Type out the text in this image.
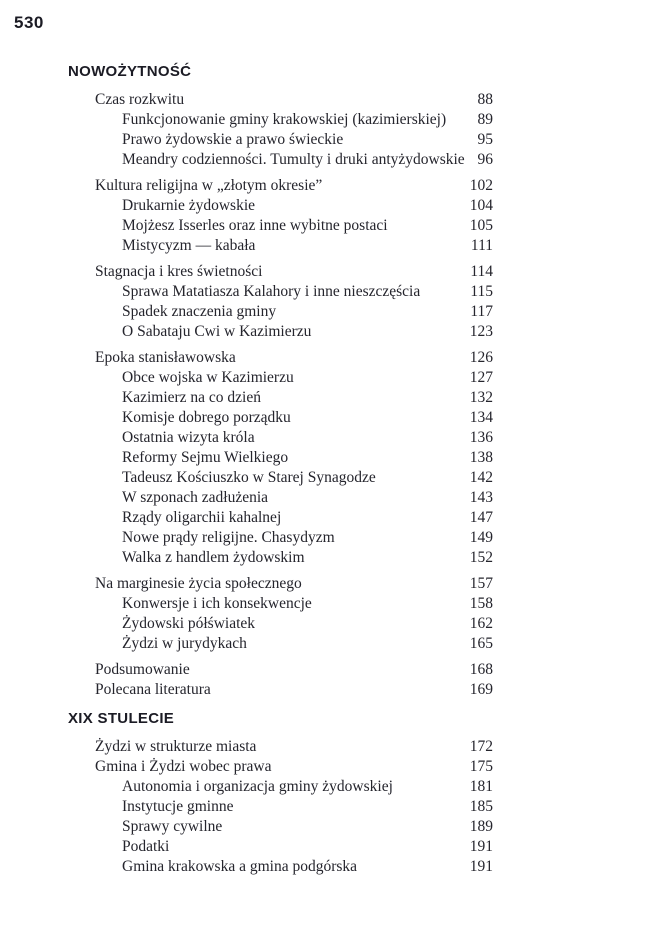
530
NOWOŻYTNOŚĆ
Czas rozkwitu	88
Funkcjonowanie gminy krakowskiej (kazimierskiej) 89
Prawo żydowskie a prawo świeckie	95
Meandry codzienności. Tumulty i druki antyżydowskie 96
Kultura religijna w „złotym okresie”	102
Drukarnie żydowskie	104
Mojżesz Isserles oraz inne wybitne postaci	105
Mistycyzm — kabała	111
Stagnacja i kres świetności	114
Sprawa Matatiasza Kalahory i inne nieszczęścia	115
Spadek znaczenia gminy	117
O Sabataju Cwi w Kazimierzu	123
Epoka stanisławowska	126
Obce wojska w Kazimierzu	127
Kazimierz na co dzień	132
Komisje dobrego porządku	134
Ostatnia wizyta króla	136
Reformy Sejmu Wielkiego	138
Tadeusz Kościuszko w Starej Synagodze	142
W szponach zadłużenia	143
Rządy oligarchii kahalnej	147
Nowe prądy religijne. Chasydyzm	149
Walka z handlem żydowskim	152
Na marginesie życia społecznego	157
Konwersje i ich konsekwencje	158
Żydowski półświatek	162
Żydzi w jurydykach	165
Podsumowanie	168
Polecana literatura	169
XIX STULECIE
Żydzi w strukturze miasta	172
Gmina i Żydzi wobec prawa	175
Autonomia i organizacja gminy żydowskiej	181
Instytucje gminne	185
Sprawy cywilne	189
Podatki	191
Gmina krakowska a gmina podgórska	191
